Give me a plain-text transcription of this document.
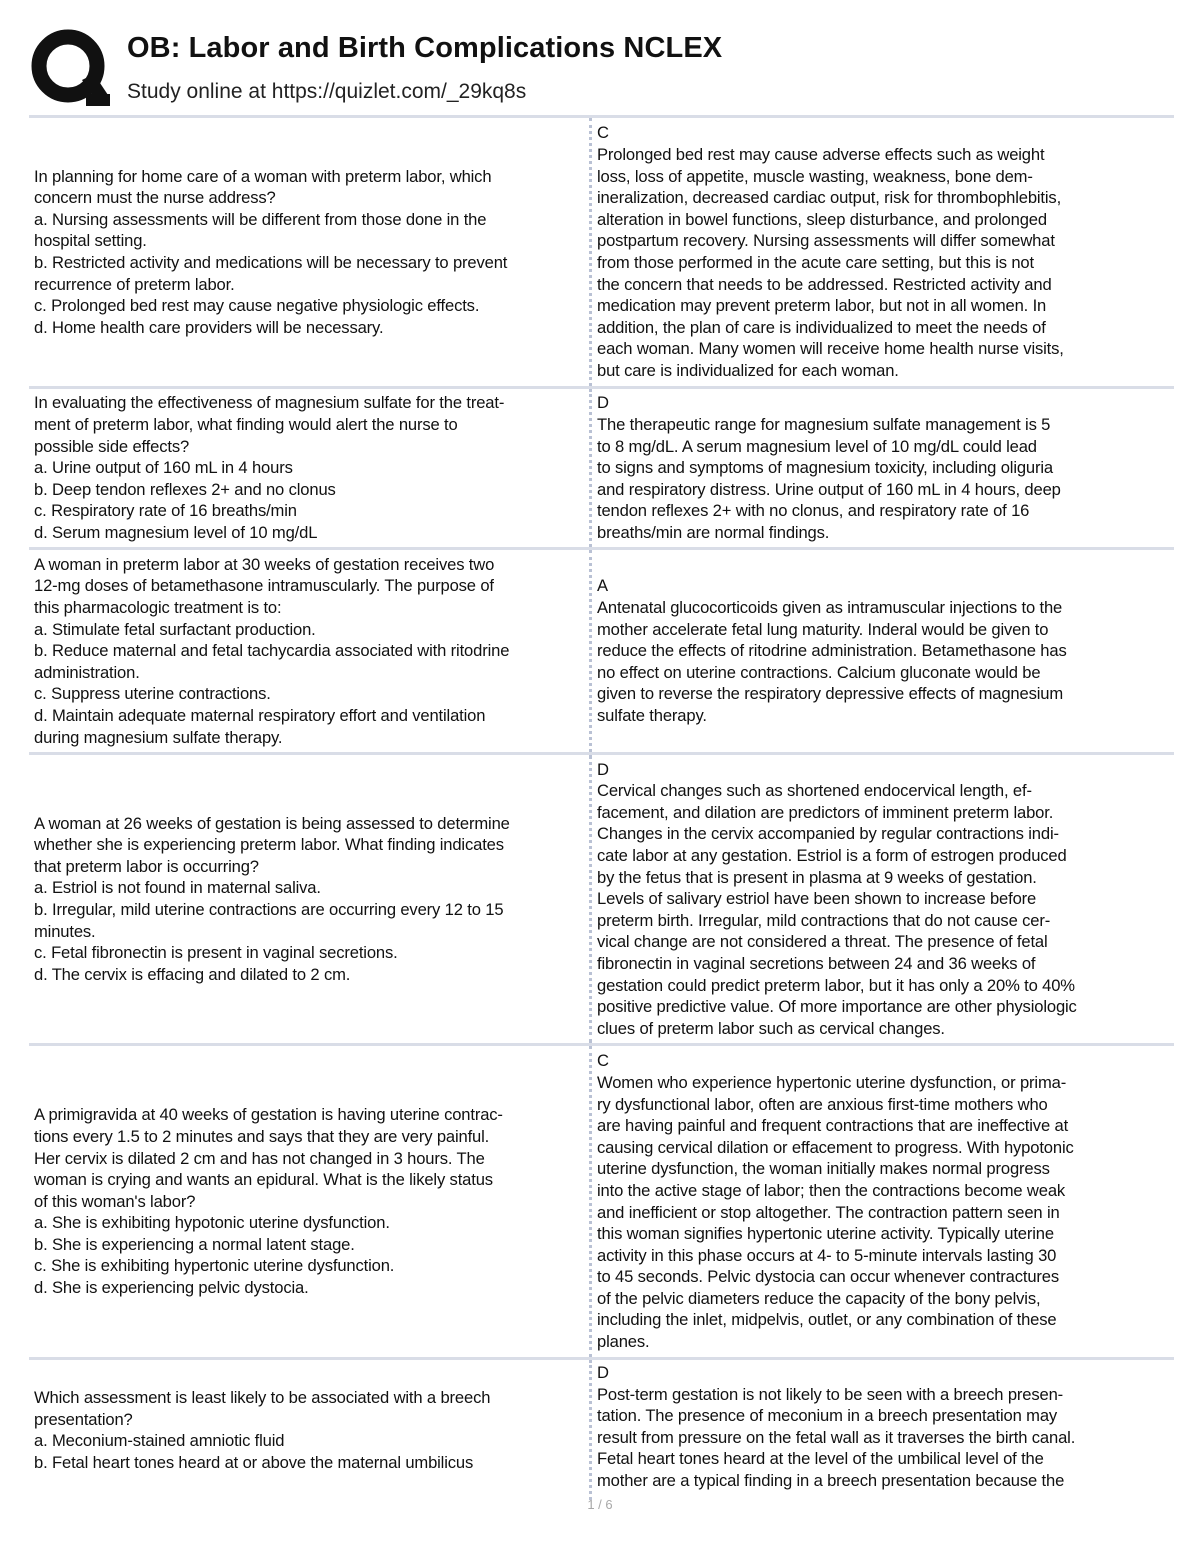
OB: Labor and Birth Complications NCLEX
Study online at https://quizlet.com/_29kq8s
In planning for home care of a woman with preterm labor, which
concern must the nurse address?
a. Nursing assessments will be different from those done in the
hospital setting.
b. Restricted activity and medications will be necessary to prevent
recurrence of preterm labor.
c. Prolonged bed rest may cause negative physiologic effects.
d. Home health care providers will be necessary.
C
Prolonged bed rest may cause adverse effects such as weight
loss, loss of appetite, muscle wasting, weakness, bone dem-
ineralization, decreased cardiac output, risk for thrombophlebitis,
alteration in bowel functions, sleep disturbance, and prolonged
postpartum recovery. Nursing assessments will differ somewhat
from those performed in the acute care setting, but this is not
the concern that needs to be addressed. Restricted activity and
medication may prevent preterm labor, but not in all women. In
addition, the plan of care is individualized to meet the needs of
each woman. Many women will receive home health nurse visits,
but care is individualized for each woman.
In evaluating the effectiveness of magnesium sulfate for the treat-
ment of preterm labor, what finding would alert the nurse to
possible side effects?
a. Urine output of 160 mL in 4 hours
b. Deep tendon reflexes 2+ and no clonus
c. Respiratory rate of 16 breaths/min
d. Serum magnesium level of 10 mg/dL
D
The therapeutic range for magnesium sulfate management is 5
to 8 mg/dL. A serum magnesium level of 10 mg/dL could lead
to signs and symptoms of magnesium toxicity, including oliguria
and respiratory distress. Urine output of 160 mL in 4 hours, deep
tendon reflexes 2+ with no clonus, and respiratory rate of 16
breaths/min are normal findings.
A woman in preterm labor at 30 weeks of gestation receives two
12-mg doses of betamethasone intramuscularly. The purpose of
this pharmacologic treatment is to:
a. Stimulate fetal surfactant production.
b. Reduce maternal and fetal tachycardia associated with ritodrine
administration.
c. Suppress uterine contractions.
d. Maintain adequate maternal respiratory effort and ventilation
during magnesium sulfate therapy.
A
Antenatal glucocorticoids given as intramuscular injections to the
mother accelerate fetal lung maturity. Inderal would be given to
reduce the effects of ritodrine administration. Betamethasone has
no effect on uterine contractions. Calcium gluconate would be
given to reverse the respiratory depressive effects of magnesium
sulfate therapy.
A woman at 26 weeks of gestation is being assessed to determine
whether she is experiencing preterm labor. What finding indicates
that preterm labor is occurring?
a. Estriol is not found in maternal saliva.
b. Irregular, mild uterine contractions are occurring every 12 to 15
minutes.
c. Fetal fibronectin is present in vaginal secretions.
d. The cervix is effacing and dilated to 2 cm.
D
Cervical changes such as shortened endocervical length, ef-
facement, and dilation are predictors of imminent preterm labor.
Changes in the cervix accompanied by regular contractions indi-
cate labor at any gestation. Estriol is a form of estrogen produced
by the fetus that is present in plasma at 9 weeks of gestation.
Levels of salivary estriol have been shown to increase before
preterm birth. Irregular, mild contractions that do not cause cer-
vical change are not considered a threat. The presence of fetal
fibronectin in vaginal secretions between 24 and 36 weeks of
gestation could predict preterm labor, but it has only a 20% to 40%
positive predictive value. Of more importance are other physiologic
clues of preterm labor such as cervical changes.
A primigravida at 40 weeks of gestation is having uterine contrac-
tions every 1.5 to 2 minutes and says that they are very painful.
Her cervix is dilated 2 cm and has not changed in 3 hours. The
woman is crying and wants an epidural. What is the likely status
of this woman's labor?
a. She is exhibiting hypotonic uterine dysfunction.
b. She is experiencing a normal latent stage.
c. She is exhibiting hypertonic uterine dysfunction.
d. She is experiencing pelvic dystocia.
C
Women who experience hypertonic uterine dysfunction, or prima-
ry dysfunctional labor, often are anxious first-time mothers who
are having painful and frequent contractions that are ineffective at
causing cervical dilation or effacement to progress. With hypotonic
uterine dysfunction, the woman initially makes normal progress
into the active stage of labor; then the contractions become weak
and inefficient or stop altogether. The contraction pattern seen in
this woman signifies hypertonic uterine activity. Typically uterine
activity in this phase occurs at 4- to 5-minute intervals lasting 30
to 45 seconds. Pelvic dystocia can occur whenever contractures
of the pelvic diameters reduce the capacity of the bony pelvis,
including the inlet, midpelvis, outlet, or any combination of these
planes.
Which assessment is least likely to be associated with a breech
presentation?
a. Meconium-stained amniotic fluid
b. Fetal heart tones heard at or above the maternal umbilicus
D
Post-term gestation is not likely to be seen with a breech presen-
tation. The presence of meconium in a breech presentation may
result from pressure on the fetal wall as it traverses the birth canal.
Fetal heart tones heard at the level of the umbilical level of the
mother are a typical finding in a breech presentation because the
1 / 6
